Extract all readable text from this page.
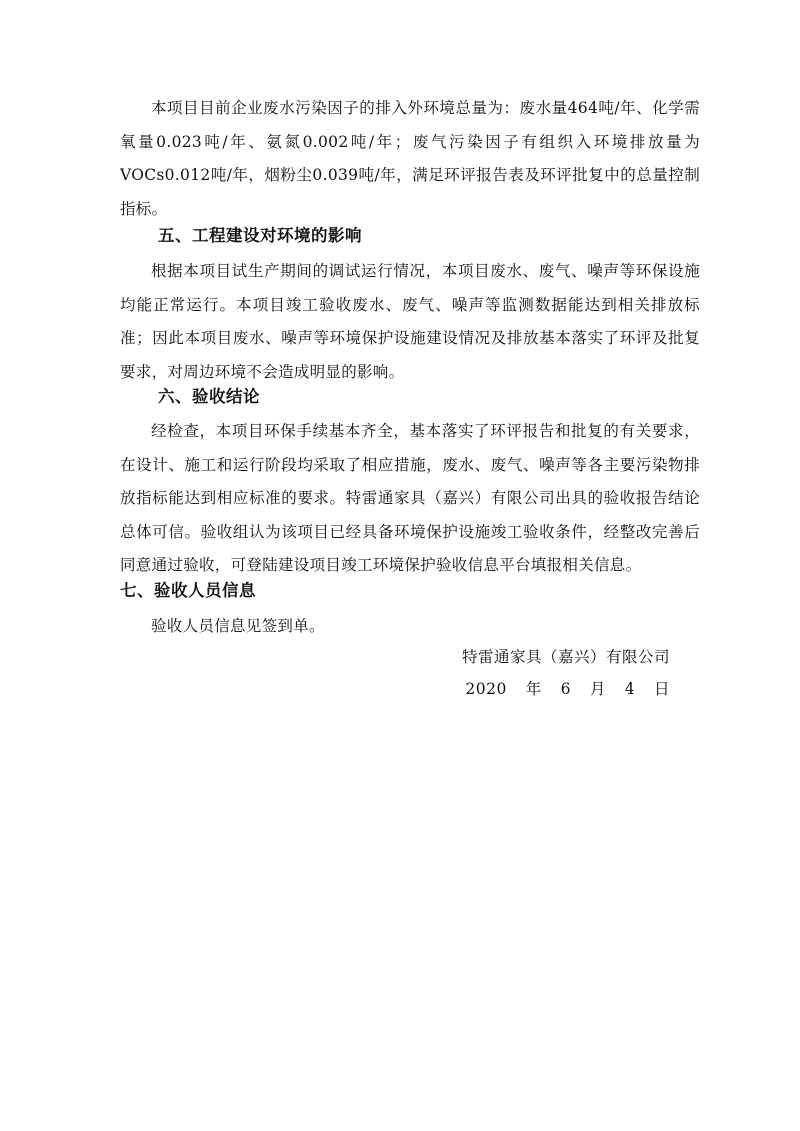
本项目目前企业废水污染因子的排入外环境总量为：废水量464吨/年、化学需氧量0.023吨/年、氨氮0.002吨/年；废气污染因子有组织入环境排放量为VOCs0.012吨/年，烟粉尘0.039吨/年，满足环评报告表及环评批复中的总量控制指标。

五、工程建设对环境的影响

根据本项目试生产期间的调试运行情况，本项目废水、废气、噪声等环保设施均能正常运行。本项目竣工验收废水、废气、噪声等监测数据能达到相关排放标准；因此本项目废水、噪声等环境保护设施建设情况及排放基本落实了环评及批复要求，对周边环境不会造成明显的影响。

六、验收结论

经检查，本项目环保手续基本齐全，基本落实了环评报告和批复的有关要求，在设计、施工和运行阶段均采取了相应措施，废水、废气、噪声等各主要污染物排放指标能达到相应标准的要求。特雷通家具（嘉兴）有限公司出具的验收报告结论总体可信。验收组认为该项目已经具备环境保护设施竣工验收条件，经整改完善后同意通过验收，可登陆建设项目竣工环境保护验收信息平台填报相关信息。

七、验收人员信息

验收人员信息见签到单。

特雷通家具（嘉兴）有限公司

2020 年 6 月 4 日
